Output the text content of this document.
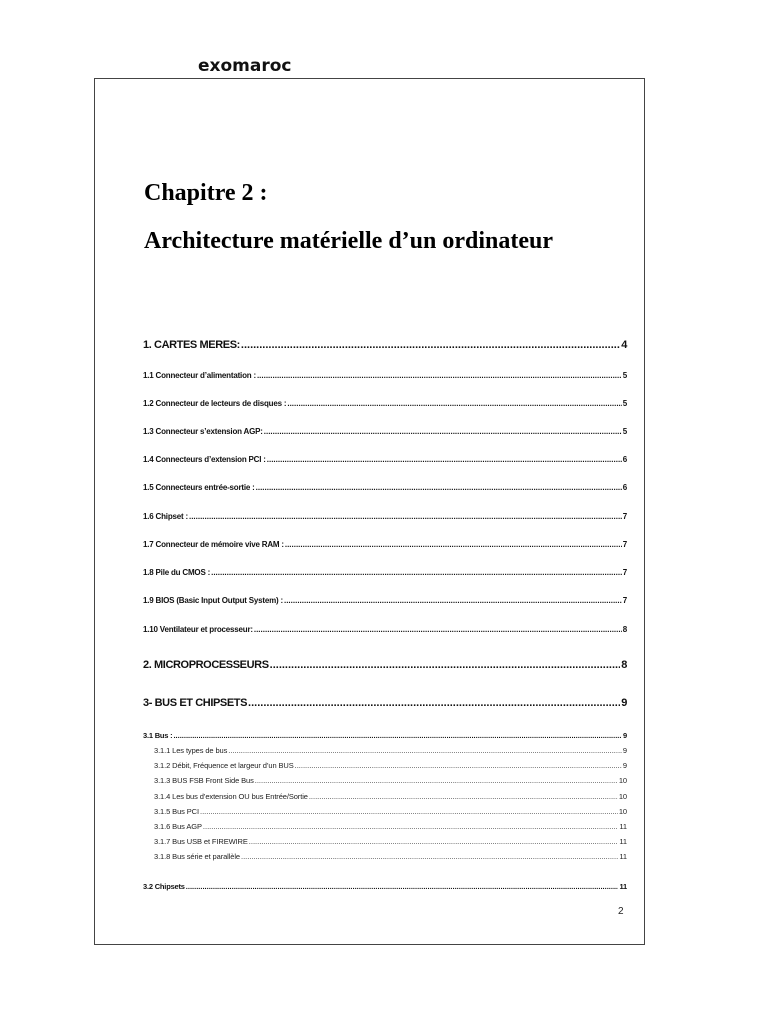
exomaroc
Chapitre 2 :
Architecture matérielle d’un ordinateur
1. CARTES MERES: .....	4
1.1 Connecteur d’alimentation : .....	5
1.2 Connecteur de lecteurs de disques : .....	5
1.3 Connecteur s’extension AGP: .....	5
1.4 Connecteurs d’extension PCI : .....	6
1.5 Connecteurs entrée-sortie : .....	6
1.6 Chipset : .....	7
1.7 Connecteur de mémoire vive RAM : .....	7
1.8 Pile du CMOS : .....	7
1.9 BIOS (Basic Input Output System) : .....	7
1.10 Ventilateur et processeur: .....	8
2. MICROPROCESSEURS .....	8
3- BUS ET CHIPSETS .....	9
3.1 Bus : .....	9
3.1.1 Les types de bus .....	9
3.1.2 Débit, Fréquence et largeur d’un BUS .....	9
3.1.3 BUS FSB Front Side Bus .....	10
3.1.4 Les bus d’extension OU bus Entrée/Sortie .....	10
3.1.5 Bus PCI .....	10
3.1.6 Bus AGP .....	11
3.1.7 Bus USB et FIREWIRE .....	11
3.1.8 Bus série et parallèle .....	11
3.2 Chipsets .....	11
2
